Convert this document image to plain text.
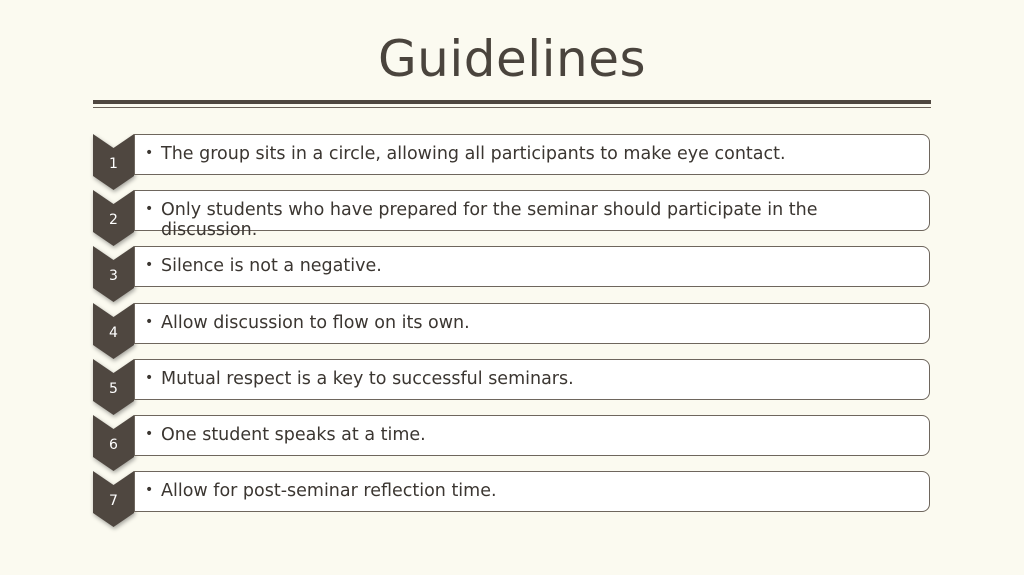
Guidelines
1
• The group sits in a circle, allowing all participants to make eye contact.
2
• Only students who have prepared for the seminar should participate in the discussion.
3
• Silence is not a negative.
4
• Allow discussion to flow on its own.
5
• Mutual respect is a key to successful seminars.
6
• One student speaks at a time.
7
• Allow for post-seminar reflection time.
